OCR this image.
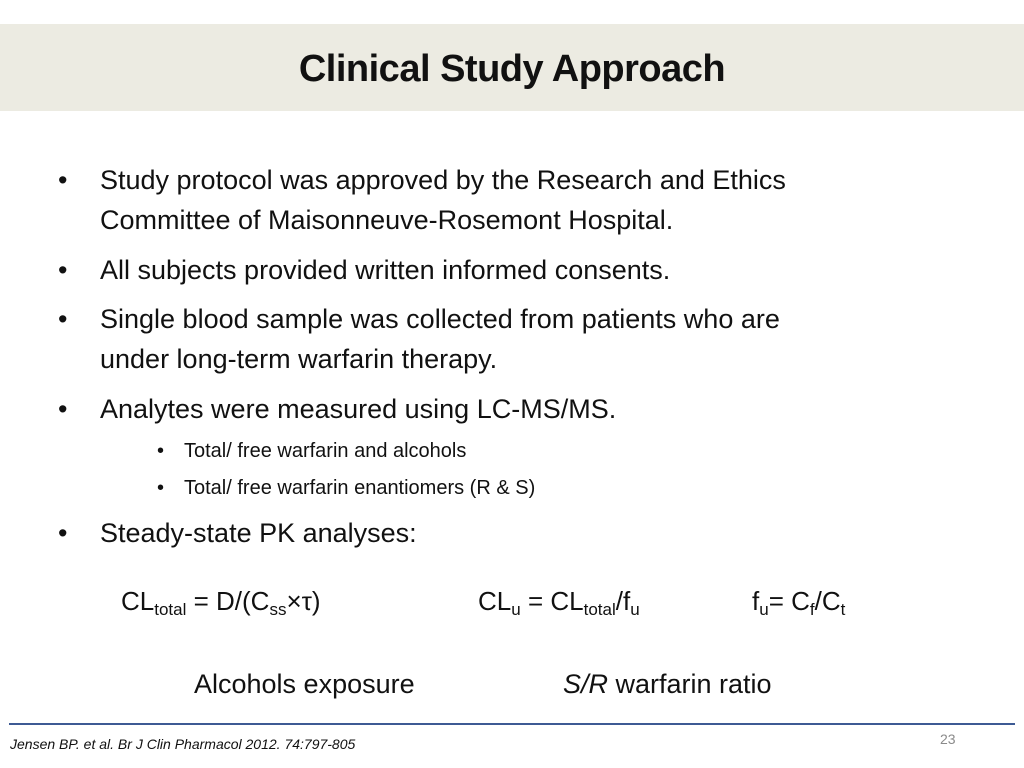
Clinical Study Approach
• Study protocol was approved by the Research and Ethics
Committee of Maisonneuve-Rosemont Hospital.
• All subjects provided written informed consents.
• Single blood sample was collected from patients who are
under long-term warfarin therapy.
• Analytes were measured using LC-MS/MS.
• Total/ free warfarin and alcohols
• Total/ free warfarin enantiomers (R & S)
• Steady-state PK analyses:
$CL_{total} = D/(C_{ss}\times\tau)$	$CL_u = CL_{total}/f_u$	$f_u= C_f/C_t$
Alcohols exposure	S/R warfarin ratio
Jensen BP. et al. Br J Clin Pharmacol 2012. 74:797-805	23
